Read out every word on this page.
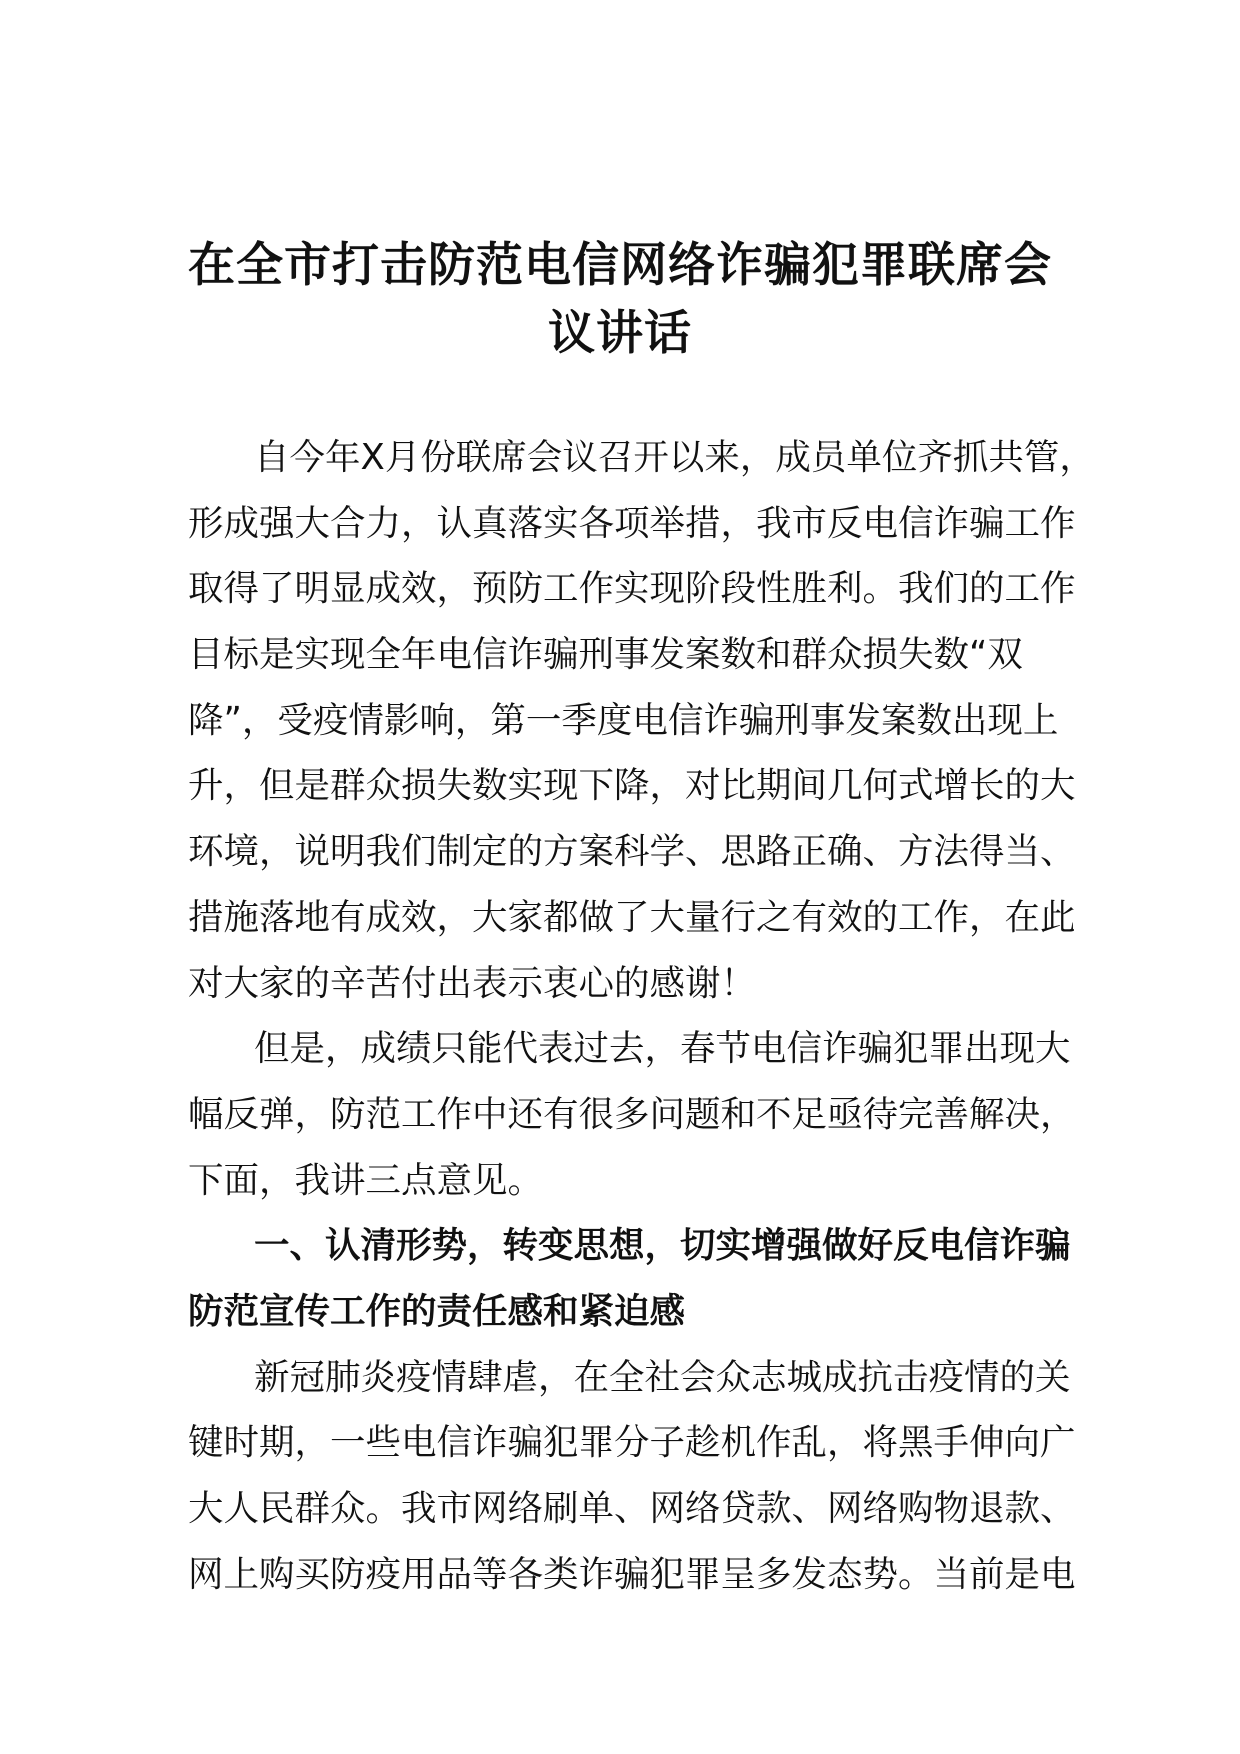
在全市打击防范电信网络诈骗犯罪联席会
议讲话
自今年X月份联席会议召开以来，成员单位齐抓共管，
形成强大合力，认真落实各项举措，我市反电信诈骗工作
取得了明显成效，预防工作实现阶段性胜利。我们的工作
目标是实现全年电信诈骗刑事发案数和群众损失数“双
降”，受疫情影响，第一季度电信诈骗刑事发案数出现上
升，但是群众损失数实现下降，对比期间几何式增长的大
环境，说明我们制定的方案科学、思路正确、方法得当、
措施落地有成效，大家都做了大量行之有效的工作，在此
对大家的辛苦付出表示衷心的感谢！
但是，成绩只能代表过去，春节电信诈骗犯罪出现大
幅反弹，防范工作中还有很多问题和不足亟待完善解决，
下面，我讲三点意见。
一、认清形势，转变思想，切实增强做好反电信诈骗
防范宣传工作的责任感和紧迫感
新冠肺炎疫情肆虐，在全社会众志城成抗击疫情的关
键时期，一些电信诈骗犯罪分子趁机作乱，将黑手伸向广
大人民群众。我市网络刷单、网络贷款、网络购物退款、
网上购买防疫用品等各类诈骗犯罪呈多发态势。当前是电
